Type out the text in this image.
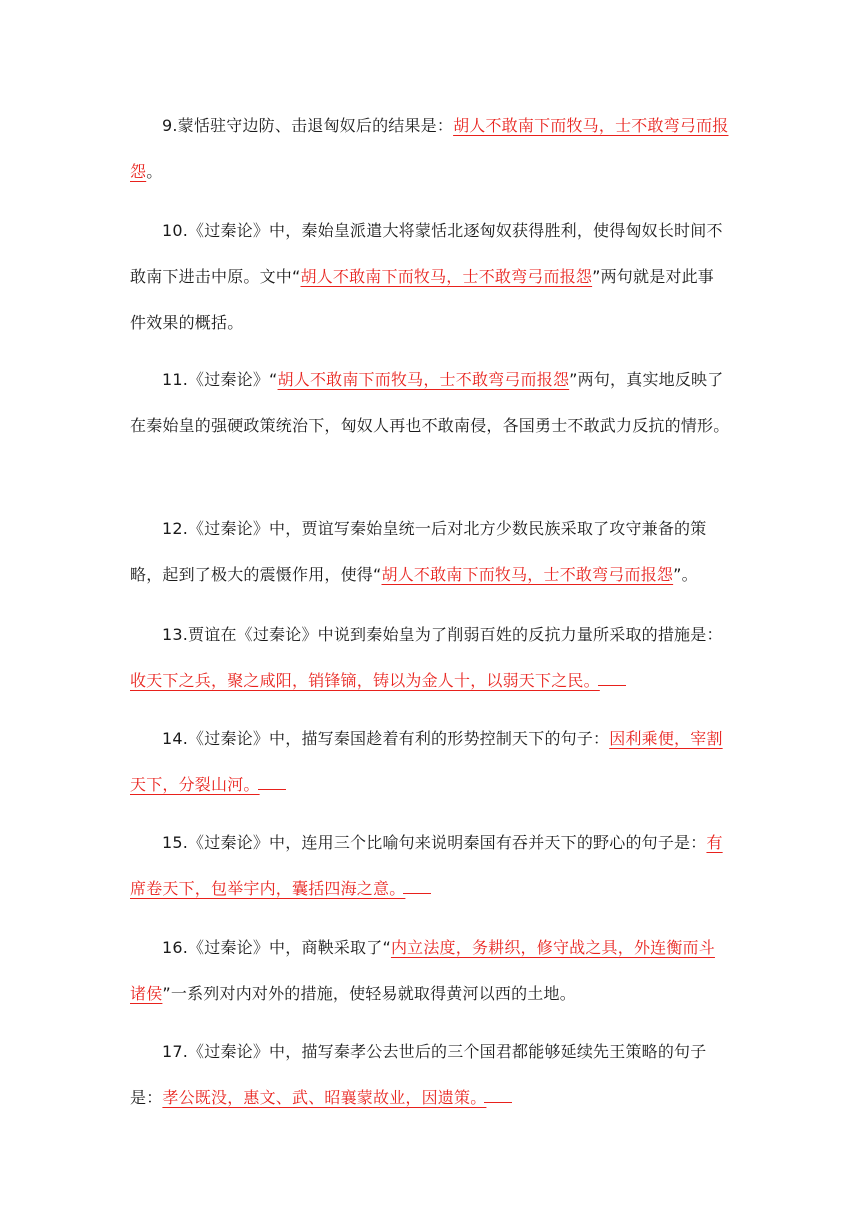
9.蒙恬驻守边防、击退匈奴后的结果是：胡人不敢南下而牧马，士不敢弯弓而报怨。

10.《过秦论》中，秦始皇派遣大将蒙恬北逐匈奴获得胜利，使得匈奴长时间不敢南下进击中原。文中“胡人不敢南下而牧马，士不敢弯弓而报怨”两句就是对此事件效果的概括。

11.《过秦论》“胡人不敢南下而牧马，士不敢弯弓而报怨”两句，真实地反映了在秦始皇的强硬政策统治下，匈奴人再也不敢南侵，各国勇士不敢武力反抗的情形。

12.《过秦论》中，贾谊写秦始皇统一后对北方少数民族采取了攻守兼备的策略，起到了极大的震慑作用，使得“胡人不敢南下而牧马，士不敢弯弓而报怨”。

13.贾谊在《过秦论》中说到秦始皇为了削弱百姓的反抗力量所采取的措施是：收天下之兵，聚之咸阳，销锋镝，铸以为金人十，以弱天下之民。

14.《过秦论》中，描写秦国趁着有利的形势控制天下的句子：因利乘便，宰割天下，分裂山河。

15.《过秦论》中，连用三个比喻句来说明秦国有吞并天下的野心的句子是：有席卷天下，包举宇内，囊括四海之意。

16.《过秦论》中，商鞅采取了“内立法度，务耕织，修守战之具，外连衡而斗诸侯”一系列对内对外的措施，使轻易就取得黄河以西的土地。

17.《过秦论》中，描写秦孝公去世后的三个国君都能够延续先王策略的句子是：孝公既没，惠文、武、昭襄蒙故业，因遗策。
